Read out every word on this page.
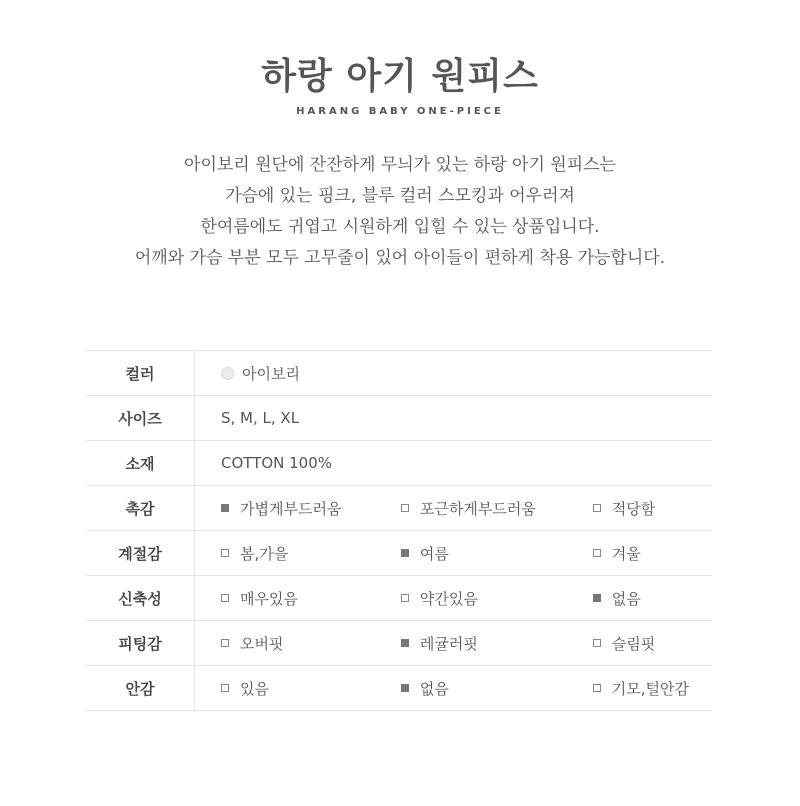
하랑 아기 원피스
HARANG BABY ONE-PIECE
아이보리 원단에 잔잔하게 무늬가 있는 하랑 아기 원피스는
가슴에 있는 핑크, 블루 컬러 스모킹과 어우러져
한여름에도 귀엽고 시원하게 입힐 수 있는 상품입니다.
어깨와 가슴 부분 모두 고무줄이 있어 아이들이 편하게 착용 가능합니다.
컬러	아이보리

사이즈	S, M, L, XL

소재	COTTON 100%

촉감	가볍게부드러움 포근하게부드러움 적당함

계절감	봄,가을 여름 겨울

신축성	매우있음 약간있음 없음

피팅감	오버핏 레귤러핏 슬림핏

안감	있음 없음 기모,털안감
